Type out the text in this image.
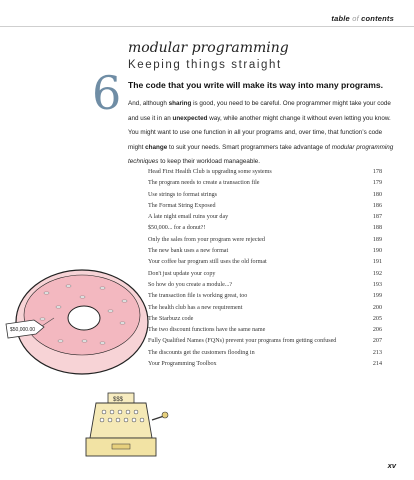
table of contents
6
modular programming
Keeping things straight
The code that you write will make its way into many programs.

And, although sharing is good, you need to be careful. One programmer might take your code and use it in an unexpected way, while another might change it without even letting you know. You might want to use one function in all your programs and, over time, that function’s code might change to suit your needs. Smart programmers take advantage of modular programming techniques to keep their workload manageable.

Head First Health Club is upgrading some systems	178
The program needs to create a transaction file	179
Use strings to format strings	180
The Format String Exposed	186
A late night email ruins your day	187
$50,000... for a donut?!	188
Only the sales from your program were rejected	189
The new bank uses a new format	190
Your coffee bar program still uses the old format	191
Don't just update your copy	192
So how do you create a module...?	193
The transaction file is working great, too	199
The health club has a new requirement	200
The Starbuzz code	205
The two discount functions have the same name	206
Fully Qualified Names (FQNs) prevent your programs from getting confused	207
The discounts get the customers flooding in	213
Your Programming Toolbox	214
$50,000.00
$$$
xv
